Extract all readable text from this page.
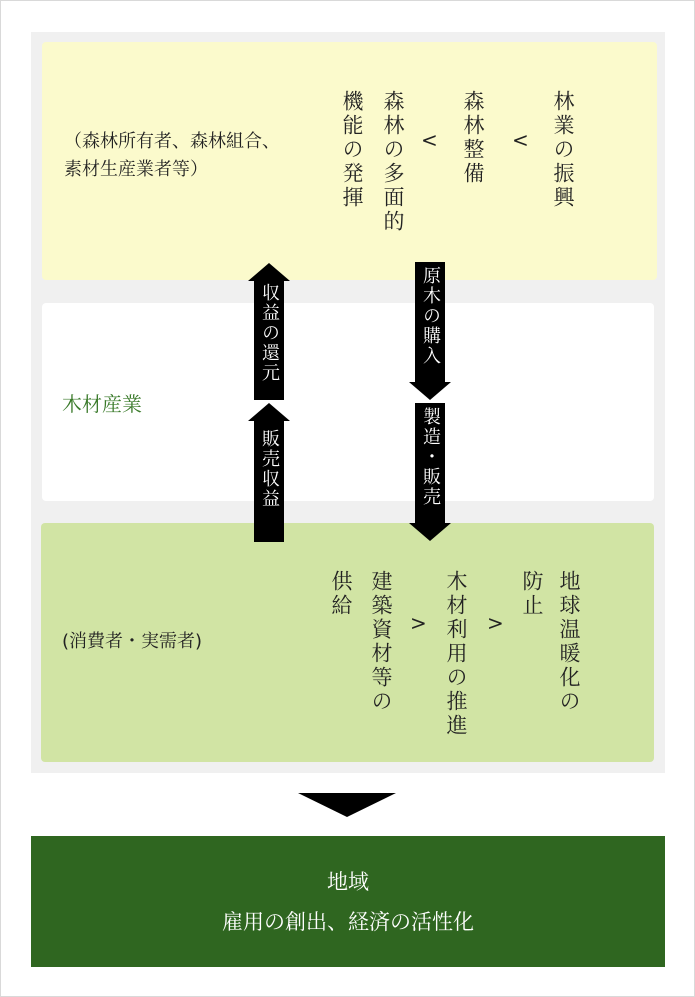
林業の振興
<
森林整備
<
森林の多面的
機能の発揮
（森林所有者、森林組合、
素材生産業者等）
木材産業
地球温暖化の
防止
>
木材利用の推進
>
建築資材等の
供給
(消費者・実需者)
原木の購入
製造・販売
収益の還元
販売収益
地域
雇用の創出、経済の活性化
